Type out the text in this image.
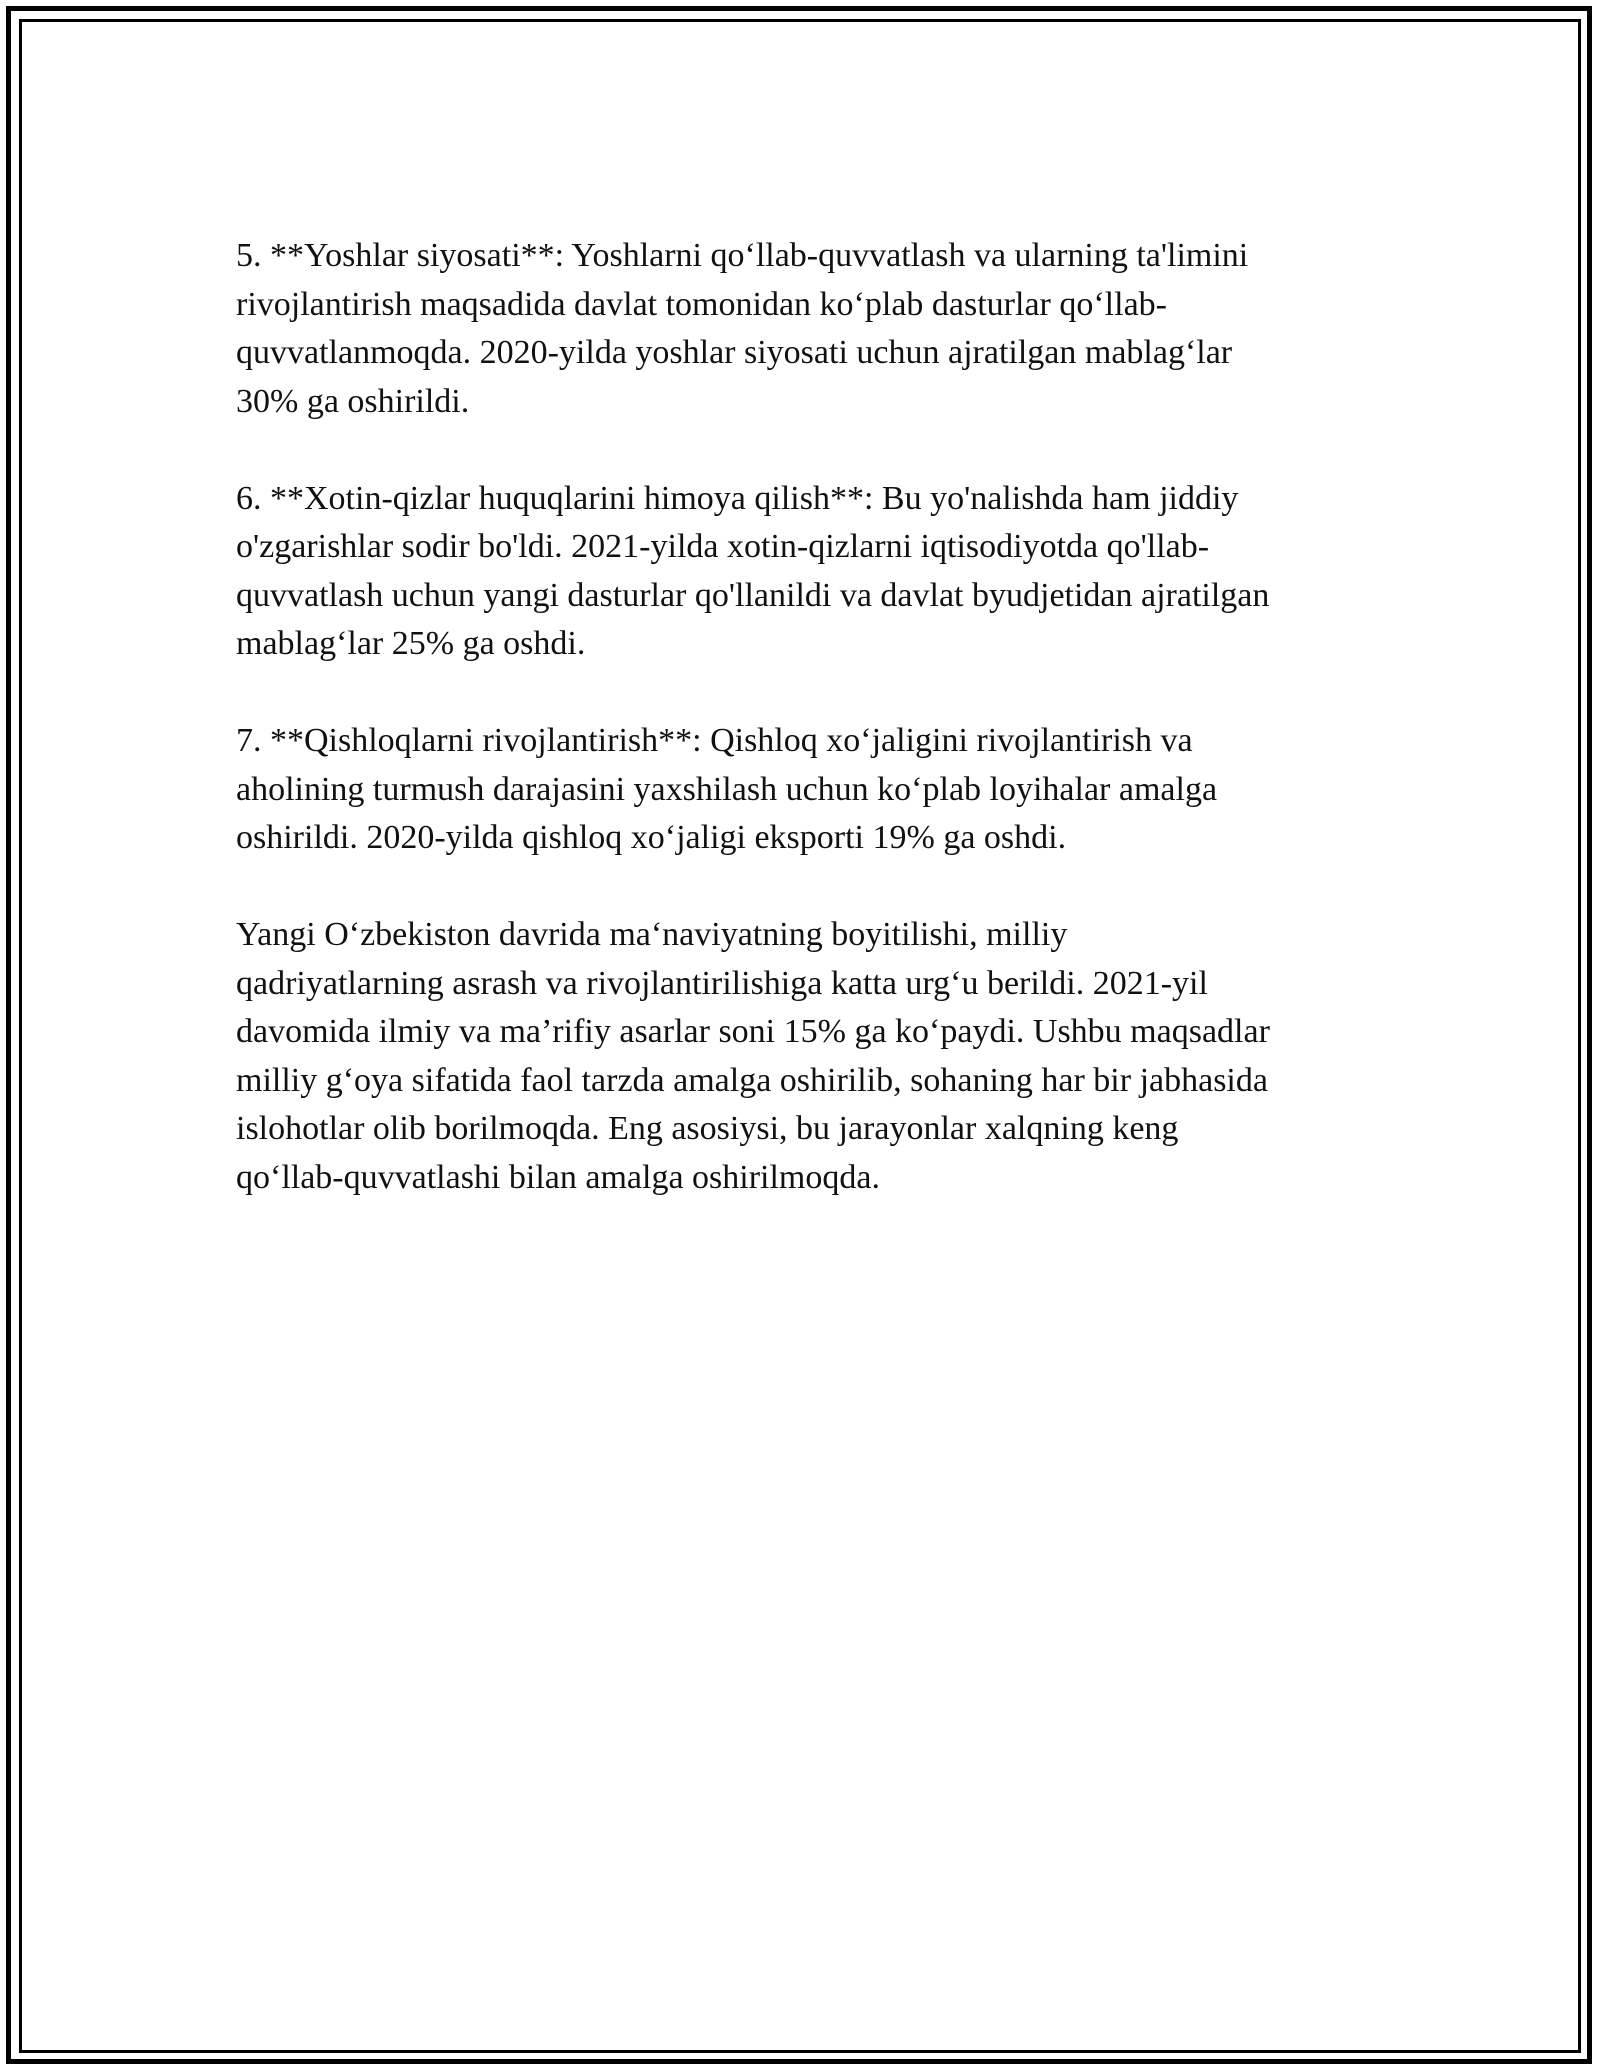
5. **Yoshlar siyosati**: Yoshlarni qo‘llab-quvvatlash va ularning ta'limini
rivojlantirish maqsadida davlat tomonidan ko‘plab dasturlar qo‘llab-
quvvatlanmoqda. 2020-yilda yoshlar siyosati uchun ajratilgan mablag‘lar
30% ga oshirildi.

6. **Xotin-qizlar huquqlarini himoya qilish**: Bu yo'nalishda ham jiddiy
o'zgarishlar sodir bo'ldi. 2021-yilda xotin-qizlarni iqtisodiyotda qo'llab-
quvvatlash uchun yangi dasturlar qo'llanildi va davlat byudjetidan ajratilgan
mablag‘lar 25% ga oshdi.

7. **Qishloqlarni rivojlantirish**: Qishloq xo‘jaligini rivojlantirish va
aholining turmush darajasini yaxshilash uchun ko‘plab loyihalar amalga
oshirildi. 2020-yilda qishloq xo‘jaligi eksporti 19% ga oshdi.

Yangi O‘zbekiston davrida ma‘naviyatning boyitilishi, milliy
qadriyatlarning asrash va rivojlantirilishiga katta urg‘u berildi. 2021-yil
davomida ilmiy va ma’rifiy asarlar soni 15% ga ko‘paydi. Ushbu maqsadlar
milliy g‘oya sifatida faol tarzda amalga oshirilib, sohaning har bir jabhasida
islohotlar olib borilmoqda. Eng asosiysi, bu jarayonlar xalqning keng
qo‘llab-quvvatlashi bilan amalga oshirilmoqda.
